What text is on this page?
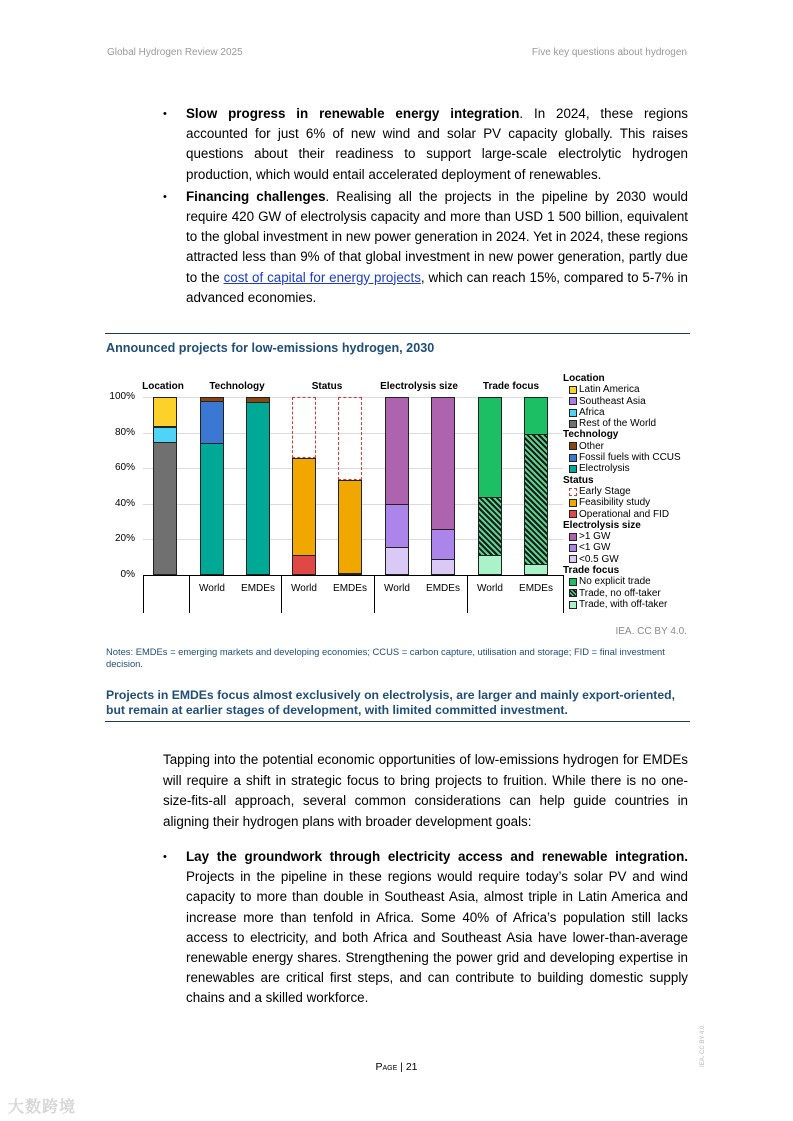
Global Hydrogen Review 2025	Five key questions about hydrogen
• Slow progress in renewable energy integration. In 2024, these regions accounted for just 6% of new wind and solar PV capacity globally. This raises questions about their readiness to support large-scale electrolytic hydrogen production, which would entail accelerated deployment of renewables.
• Financing challenges. Realising all the projects in the pipeline by 2030 would require 420 GW of electrolysis capacity and more than USD 1 500 billion, equivalent to the global investment in new power generation in 2024. Yet in 2024, these regions attracted less than 9% of that global investment in new power generation, partly due to the cost of capital for energy projects, which can reach 15%, compared to 5-7% in advanced economies.
Announced projects for low-emissions hydrogen, 2030
100%
80%
60%
40%
20%
0%
Location	Technology	Status	Electrolysis size	Trade focus
World	EMDEs	World	EMDEs	World	EMDEs	World	EMDEs
Location
Latin America
Southeast Asia
Africa
Rest of the World
Technology
Other
Fossil fuels with CCUS
Electrolysis
Status
Early Stage
Feasibility study
Operational and FID
Electrolysis size
>1 GW
<1 GW
<0.5 GW
Trade focus
No explicit trade
Trade, no off-taker
Trade, with off-taker
IEA. CC BY 4.0.
Notes: EMDEs = emerging markets and developing economies; CCUS = carbon capture, utilisation and storage; FID = final investment decision.
Projects in EMDEs focus almost exclusively on electrolysis, are larger and mainly export-oriented, but remain at earlier stages of development, with limited committed investment.
Tapping into the potential economic opportunities of low-emissions hydrogen for EMDEs will require a shift in strategic focus to bring projects to fruition. While there is no one-size-fits-all approach, several common considerations can help guide countries in aligning their hydrogen plans with broader development goals:
• Lay the groundwork through electricity access and renewable integration. Projects in the pipeline in these regions would require today’s solar PV and wind capacity to more than double in Southeast Asia, almost triple in Latin America and increase more than tenfold in Africa. Some 40% of Africa’s population still lacks access to electricity, and both Africa and Southeast Asia have lower-than-average renewable energy shares. Strengthening the power grid and developing expertise in renewables are critical first steps, and can contribute to building domestic supply chains and a skilled workforce.
Page | 21	IEA. CC BY 4.0.
大数跨境
